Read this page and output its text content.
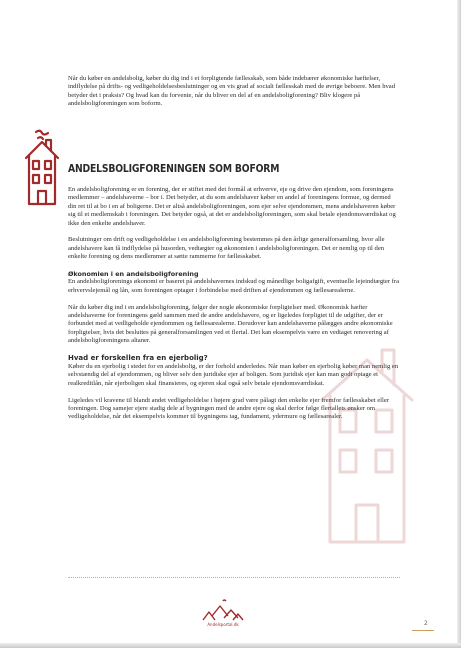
Når du køber en andelsbolig, køber du dig ind i et forpligtende fællesskab, som både indebærer økonomiske hæftelser, indflydelse på drifts- og vedligeholdelsesbeslutninger og en vis grad af socialt fællesskab med de øvrige beboere. Men hvad betyder det i praksis? Og hvad kan du forvente, når du bliver en del af en andelsboligforening? Bliv klogere på andelsboligforeningen som boform.

ANDELSBOLIGFORENINGEN SOM BOFORM

En andelsboligforening er en forening, der er stiftet med det formål at erhverve, eje og drive den ejendom, som foreningens medlemmer – andelshaverne – bor i. Det betyder, at du som andelshaver køber en andel af foreningens formue, og dermed din ret til at bo i en af boligerne. Det er altså andelsboligforeningen, som ejer selve ejendommen, mens andelshaveren køber sig til et medlemskab i foreningen. Det betyder også, at det er andelsboligforeningen, som skal betale ejendomsværdiskat og ikke den enkelte andelshaver.

Beslutninger om drift og vedligeholdelse i en andelsboligforening bestemmes på den årlige generalforsamling, hvor alle andelshavere kan få indflydelse på husorden, vedtægter og økonomien i andelsboligforeningen. Det er nemlig op til den enkelte forening og dens medlemmer at sætte rammerne for fællesskabet.

Økonomien i en andelsboligforening

En andelsboligforenings økonomi er baseret på andelshavernes indskud og månedlige boligafgift, eventuelle lejeindtægter fra erhvervslejemål og lån, som foreningen optager i forbindelse med driften af ejendommen og fællesarealerne.

Når du køber dig ind i en andelsboligforening, følger der nogle økonomiske forpligtelser med. Økonomisk hæfter andelshaverne for foreningens gæld sammen med de andre andelshavere, og er ligeledes forpligtet til de udgifter, der er forbundet med at vedligeholde ejendommen og fællesarealerne. Derudover kan andelshaverne pålægges andre økonomiske forpligtelser, hvis det besluttes på generalforsamlingen ved et flertal. Det kan eksempelvis være en vedtaget renovering af andelsboligforeningens altaner.

Hvad er forskellen fra en ejerbolig?

Køber du en ejerbolig i stedet for en andelsbolig, er der forhold anderledes. Når man køber en ejerbolig køber man nemlig en selvstændig del af ejendommen, og bliver selv den juridiske ejer af boligen. Som juridisk ejer kan man godt optage et realkreditlån, når ejerboligen skal finansieres, og ejeren skal også selv betale ejendomsværdiskat.

Ligeledes vil kravene til blandt andet vedligeholdelse i højere grad være pålagt den enkelte ejer fremfor fællesskabet eller foreningen. Dog samejer ejere stadig dele af bygningen med de andre ejere og skal derfor følge flertallets ønsker om vedligeholdelse, når det eksempelvis kommer til bygningens tag, fundament, ydermure og fællesarealer.

Andelsportal.dk	2
